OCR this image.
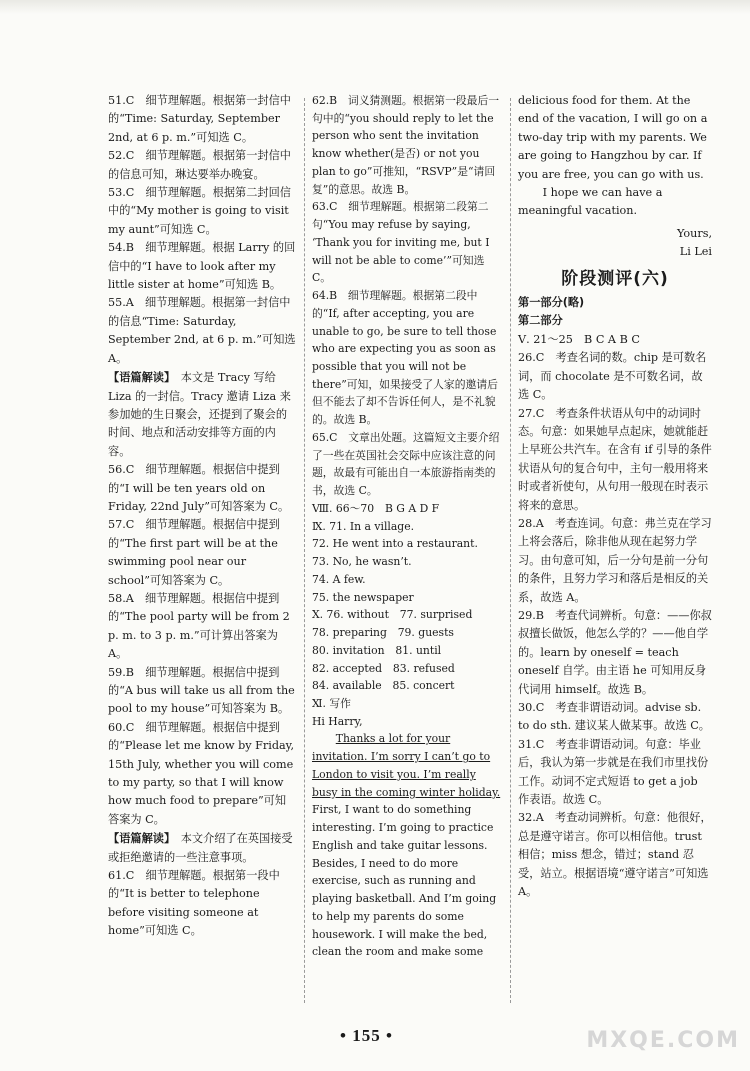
51.C　细节理解题。根据第一封信中的“Time: Saturday, September 2nd, at 6 p. m.”可知选 C。

52.C　细节理解题。根据第一封信中的信息可知，琳达要举办晚宴。

53.C　细节理解题。根据第二封回信中的“My mother is going to visit my aunt”可知选 C。

54.B　细节理解题。根据 Larry 的回信中的“I have to look after my little sister at home”可知选 B。

55.A　细节理解题。根据第一封信中的信息“Time: Saturday, September 2nd, at 6 p. m.”可知选 A。

【语篇解读】　本文是 Tracy 写给 Liza 的一封信。Tracy 邀请 Liza 来参加她的生日聚会，还提到了聚会的时间、地点和活动安排等方面的内容。

56.C　细节理解题。根据信中提到的“I will be ten years old on Friday, 22nd July”可知答案为 C。

57.C　细节理解题。根据信中提到的“The first part will be at the swimming pool near our school”可知答案为 C。

58.A　细节理解题。根据信中提到的“The pool party will be from 2 p. m. to 3 p. m.”可计算出答案为 A。

59.B　细节理解题。根据信中提到的“A bus will take us all from the pool to my house”可知答案为 B。

60.C　细节理解题。根据信中提到的“Please let me know by Friday, 15th July, whether you will come to my party, so that I will know how much food to prepare”可知答案为 C。

【语篇解读】　本文介绍了在英国接受或拒绝邀请的一些注意事项。

61.C　细节理解题。根据第一段中的“It is better to telephone before visiting someone at home”可知选 C。

62.B　词义猜测题。根据第一段最后一句中的“you should reply to let the person who sent the invitation know whether(是否) or not you plan to go”可推知，“RSVP”是“请回复”的意思。故选 B。

63.C　细节理解题。根据第二段第二句“You may refuse by saying, ‘Thank you for inviting me, but I will not be able to come’”可知选 C。

64.B　细节理解题。根据第二段中的“If, after accepting, you are unable to go, be sure to tell those who are expecting you as soon as possible that you will not be there”可知，如果接受了人家的邀请后但不能去了却不告诉任何人，是不礼貌的。故选 B。

65.C　文章出处题。这篇短文主要介绍了一些在英国社会交际中应该注意的问题，故最有可能出自一本旅游指南类的书，故选 C。

Ⅷ. 66～70　B G A D F

Ⅸ. 71. In a village.

72. He went into a restaurant.

73. No, he wasn’t.

74. A few.

75. the newspaper

Ⅹ. 76. without　77. surprised

78. preparing　79. guests

80. invitation　81. until

82. accepted　83. refused

84. available　85. concert

Ⅺ. 写作

Hi Harry,

Thanks a lot for your invitation. I’m sorry I can’t go to London to visit you. I’m really busy in the coming winter holiday. First, I want to do something interesting. I’m going to practice English and take guitar lessons. Besides, I need to do more exercise, such as running and playing basketball. And I’m going to help my parents do some housework. I will make the bed, clean the room and make some

delicious food for them. At the end of the vacation, I will go on a two-day trip with my parents. We are going to Hangzhou by car. If you are free, you can go with us.

I hope we can have a meaningful vacation.

Yours,

Li Lei

阶段测评(六)

第一部分(略)

第二部分

Ⅴ. 21～25　B C A B C

26.C　考查名词的数。chip 是可数名词，而 chocolate 是不可数名词，故选 C。

27.C　考查条件状语从句中的动词时态。句意：如果她早点起床，她就能赶上早班公共汽车。在含有 if 引导的条件状语从句的复合句中，主句一般用将来时或者祈使句，从句用一般现在时表示将来的意思。

28.A　考查连词。句意：弗兰克在学习上将会落后，除非他从现在起努力学习。由句意可知，后一分句是前一分句的条件，且努力学习和落后是相反的关系，故选 A。

29.B　考查代词辨析。句意：——你叔叔擅长做饭，他怎么学的？——他自学的。learn by oneself = teach oneself 自学。由主语 he 可知用反身代词用 himself。故选 B。

30.C　考查非谓语动词。advise sb. to do sth. 建议某人做某事。故选 C。

31.C　考查非谓语动词。句意：毕业后，我认为第一步就是在我们市里找份工作。动词不定式短语 to get a job 作表语。故选 C。

32.A　考查动词辨析。句意：他很好，总是遵守诺言。你可以相信他。trust 相信；miss 想念，错过；stand 忍受，站立。根据语境“遵守诺言”可知选 A。

• 155 •	MXQE.COM
